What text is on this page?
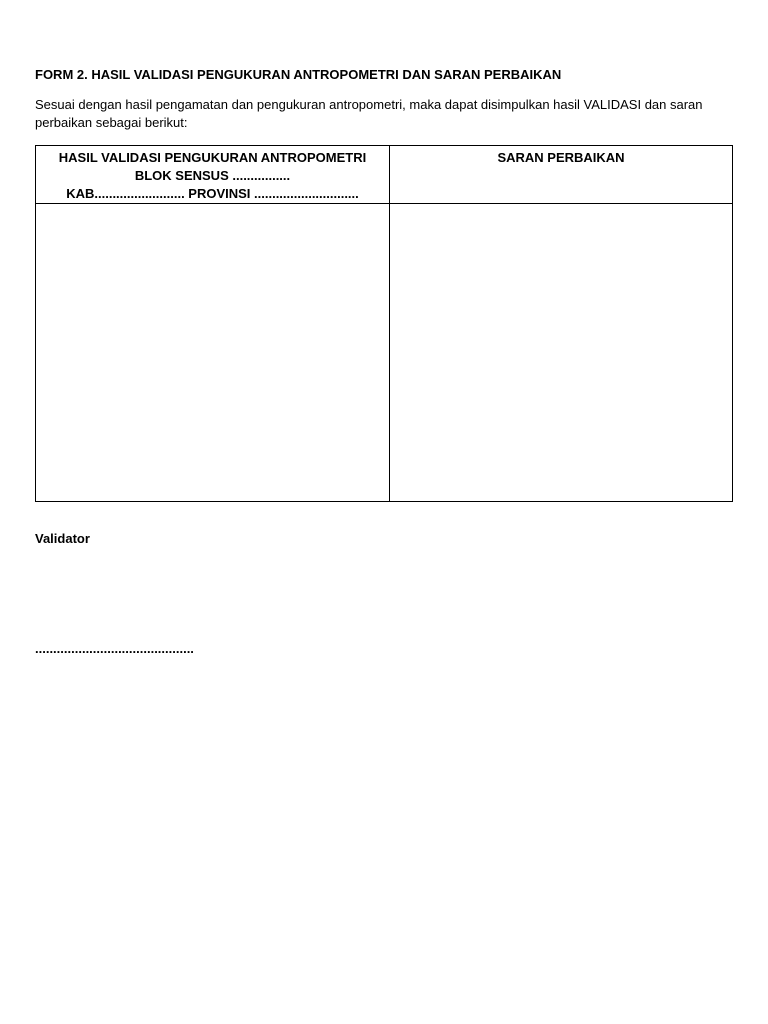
FORM 2. HASIL VALIDASI PENGUKURAN ANTROPOMETRI DAN SARAN PERBAIKAN

Sesuai dengan hasil pengamatan dan pengukuran antropometri, maka dapat disimpulkan hasil VALIDASI dan saran
perbaikan sebagai berikut:

HASIL VALIDASI PENGUKURAN ANTROPOMETRI
BLOK SENSUS ................
KAB......................... PROVINSI .............................	SARAN PERBAIKAN

Validator
............................................
